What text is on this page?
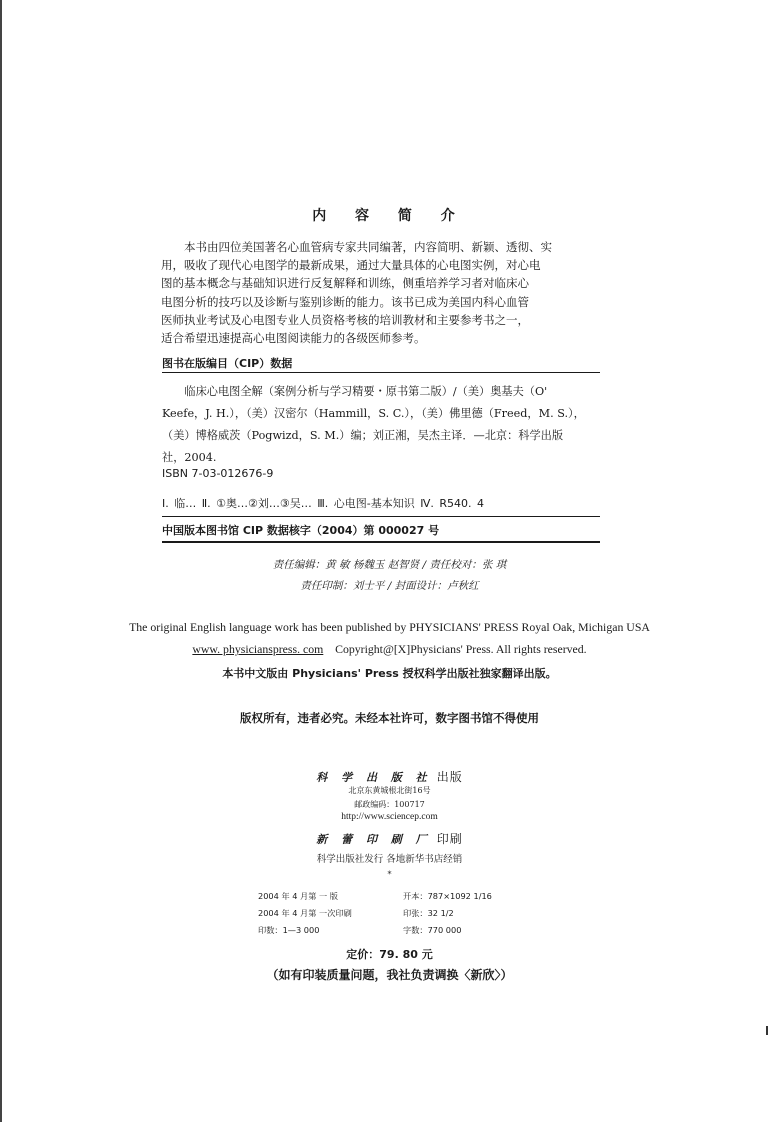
内 容 简 介
本书由四位美国著名心血管病专家共同编著，内容简明、新颖、透彻、实
用，吸收了现代心电图学的最新成果，通过大量具体的心电图实例，对心电
图的基本概念与基础知识进行反复解释和训练，侧重培养学习者对临床心
电图分析的技巧以及诊断与鉴别诊断的能力。该书已成为美国内科心血管
医师执业考试及心电图专业人员资格考核的培训教材和主要参考书之一，
适合希望迅速提高心电图阅读能力的各级医师参考。
图书在版编目（CIP）数据
临床心电图全解（案例分析与学习精要・原书第二版）/（美）奥基夫（O'
Keefe，J. H.），（美）汉密尔（Hammill，S. C.），（美）佛里德（Freed，M. S.），
（美）博格威茨（Pogwizd，S. M.）编；刘正湘，吴杰主译．—北京：科学出版
社，2004.
ISBN 7-03-012676-9
Ⅰ. 临… Ⅱ. ①奥…②刘…③吴… Ⅲ. 心电图-基本知识 Ⅳ. R540. 4
中国版本图书馆 CIP 数据核字（2004）第 000027 号
责任编辑：黄 敏 杨魏玉 赵智贤 / 责任校对：张 琪
责任印制：刘士平 / 封面设计：卢秋红
The original English language work has been published by PHYSICIANS' PRESS Royal Oak, Michigan USA
www. physicianspress. com Copyright@[X]Physicians' Press. All rights reserved.
本书中文版由 Physicians' Press 授权科学出版社独家翻译出版。
版权所有，违者必究。未经本社许可，数字图书馆不得使用
科 学 出 版 社 出版
北京东黄城根北街16号
邮政编码：100717
http://www.sciencep.com
新 蕾 印 刷 厂 印刷
科学出版社发行 各地新华书店经销
*
2004 年 4 月第 一 版	开本：787×1092 1/16
2004 年 4 月第 一次印刷	印张：32 1/2
印数：1—3 000	字数：770 000
定价：79. 80 元
（如有印装质量问题，我社负责调换〈新欣〉）
